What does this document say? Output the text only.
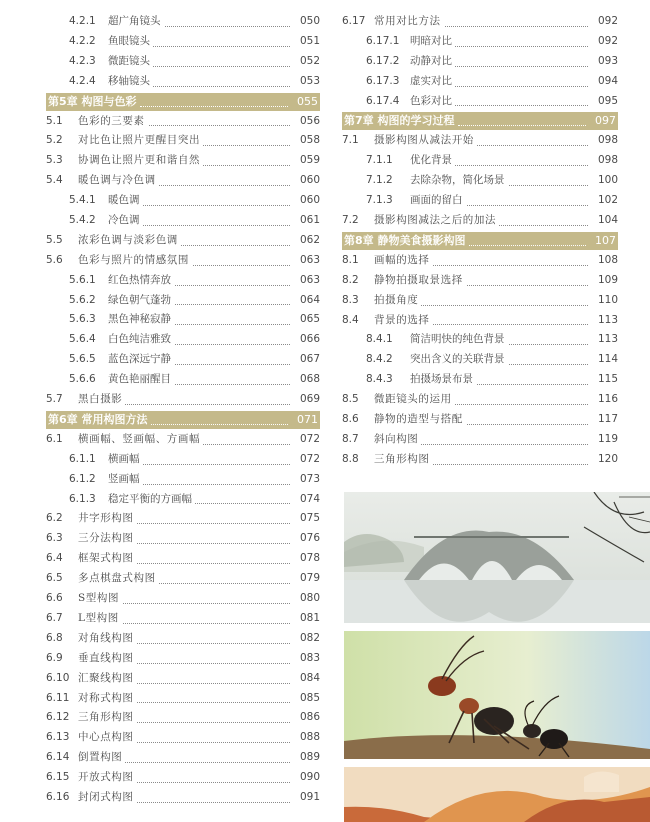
4.2.1 超广角镜头	050
4.2.2 鱼眼镜头	051
4.2.3 微距镜头	052
4.2.4 移轴镜头	053
第5章 构图与色彩	055
5.1 色彩的三要素	056
5.2 对比色让照片更醒目突出	058
5.3 协调色让照片更和谐自然	059
5.4 暖色调与冷色调	060
5.4.1 暖色调	060
5.4.2 冷色调	061
5.5 浓彩色调与淡彩色调	062
5.6 色彩与照片的情感氛围	063
5.6.1 红色热情奔放	063
5.6.2 绿色朝气蓬勃	064
5.6.3 黑色神秘寂静	065
5.6.4 白色纯洁雅致	066
5.6.5 蓝色深远宁静	067
5.6.6 黄色艳丽醒目	068
5.7 黑白摄影	069
第6章 常用构图方法	071
6.1 横画幅、竖画幅、方画幅	072
6.1.1 横画幅	072
6.1.2 竖画幅	073
6.1.3 稳定平衡的方画幅	074
6.2 井字形构图	075
6.3 三分法构图	076
6.4 框架式构图	078
6.5 多点棋盘式构图	079
6.6 S型构图	080
6.7 L型构图	081
6.8 对角线构图	082
6.9 垂直线构图	083
6.10 汇聚线构图	084
6.11 对称式构图	085
6.12 三角形构图	086
6.13 中心点构图	088
6.14 倒置构图	089
6.15 开放式构图	090
6.16 封闭式构图	091
6.17 常用对比方法	092
6.17.1 明暗对比	092
6.17.2 动静对比	093
6.17.3 虚实对比	094
6.17.4 色彩对比	095
第7章 构图的学习过程	097
7.1 摄影构图从减法开始	098
7.1.1 优化背景	098
7.1.2 去除杂物，简化场景	100
7.1.3 画面的留白	102
7.2 摄影构图减法之后的加法	104
第8章 静物美食摄影构图	107
8.1 画幅的选择	108
8.2 静物拍摄取景选择	109
8.3 拍摄角度	110
8.4 背景的选择	113
8.4.1 简洁明快的纯色背景	113
8.4.2 突出含义的关联背景	114
8.4.3 拍摄场景布景	115
8.5 微距镜头的运用	116
8.6 静物的造型与搭配	117
8.7 斜向构图	119
8.8 三角形构图	120
